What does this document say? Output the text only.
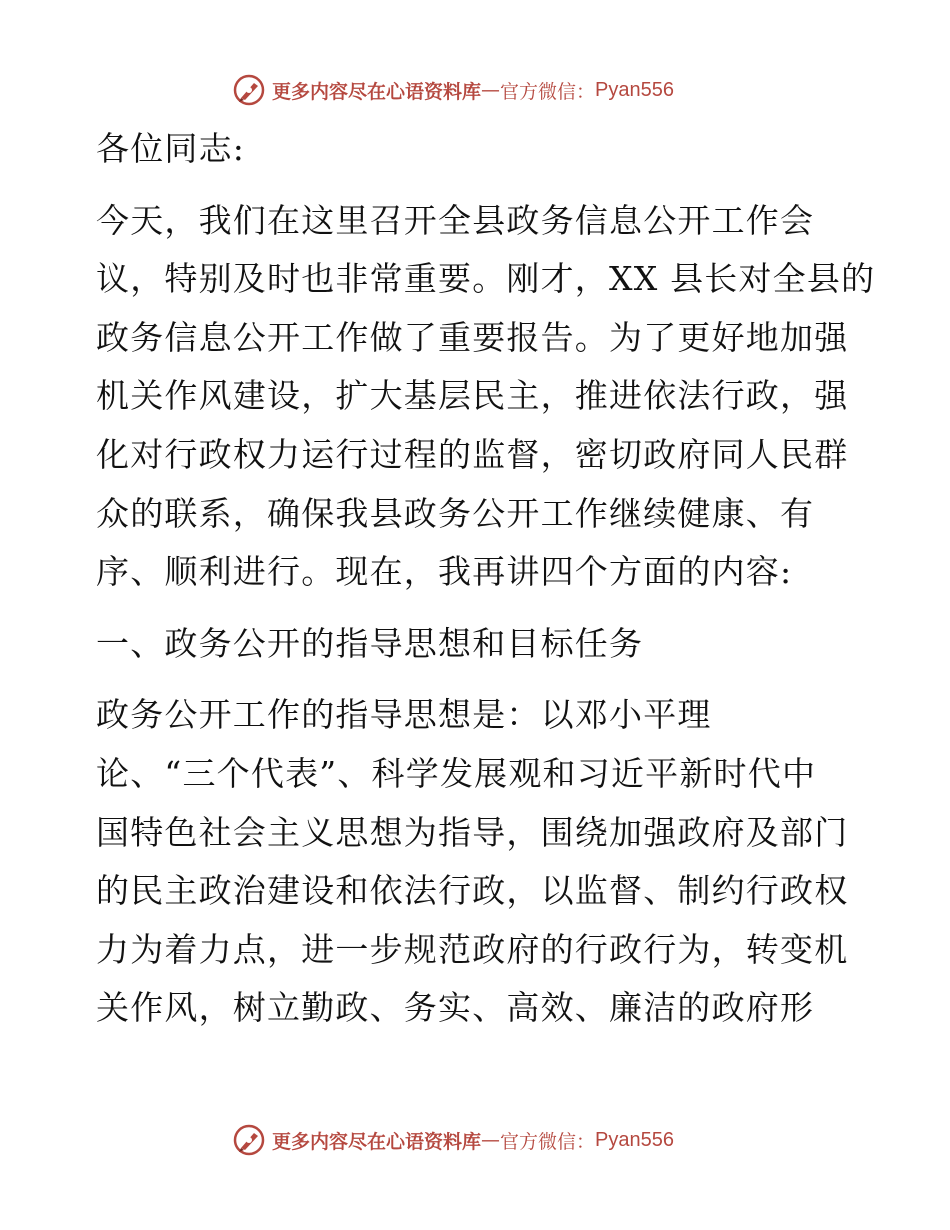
更多内容尽在心语资料库 — 官方微信： Pyan556
各位同志:
今天，我们在这里召开全县政务信息公开工作会
议，特别及时也非常重要。刚才，XX 县长对全县的
政务信息公开工作做了重要报告。为了更好地加强
机关作风建设，扩大基层民主，推进依法行政，强
化对行政权力运行过程的监督，密切政府同人民群
众的联系，确保我县政务公开工作继续健康、有
序、顺利进行。现在，我再讲四个方面的内容:
一、政务公开的指导思想和目标任务
政务公开工作的指导思想是：以邓小平理
论、“三个代表”、科学发展观和习近平新时代中
国特色社会主义思想为指导，围绕加强政府及部门
的民主政治建设和依法行政，以监督、制约行政权
力为着力点，进一步规范政府的行政行为，转变机
关作风，树立勤政、务实、高效、廉洁的政府形
更多内容尽在心语资料库 — 官方微信： Pyan556
